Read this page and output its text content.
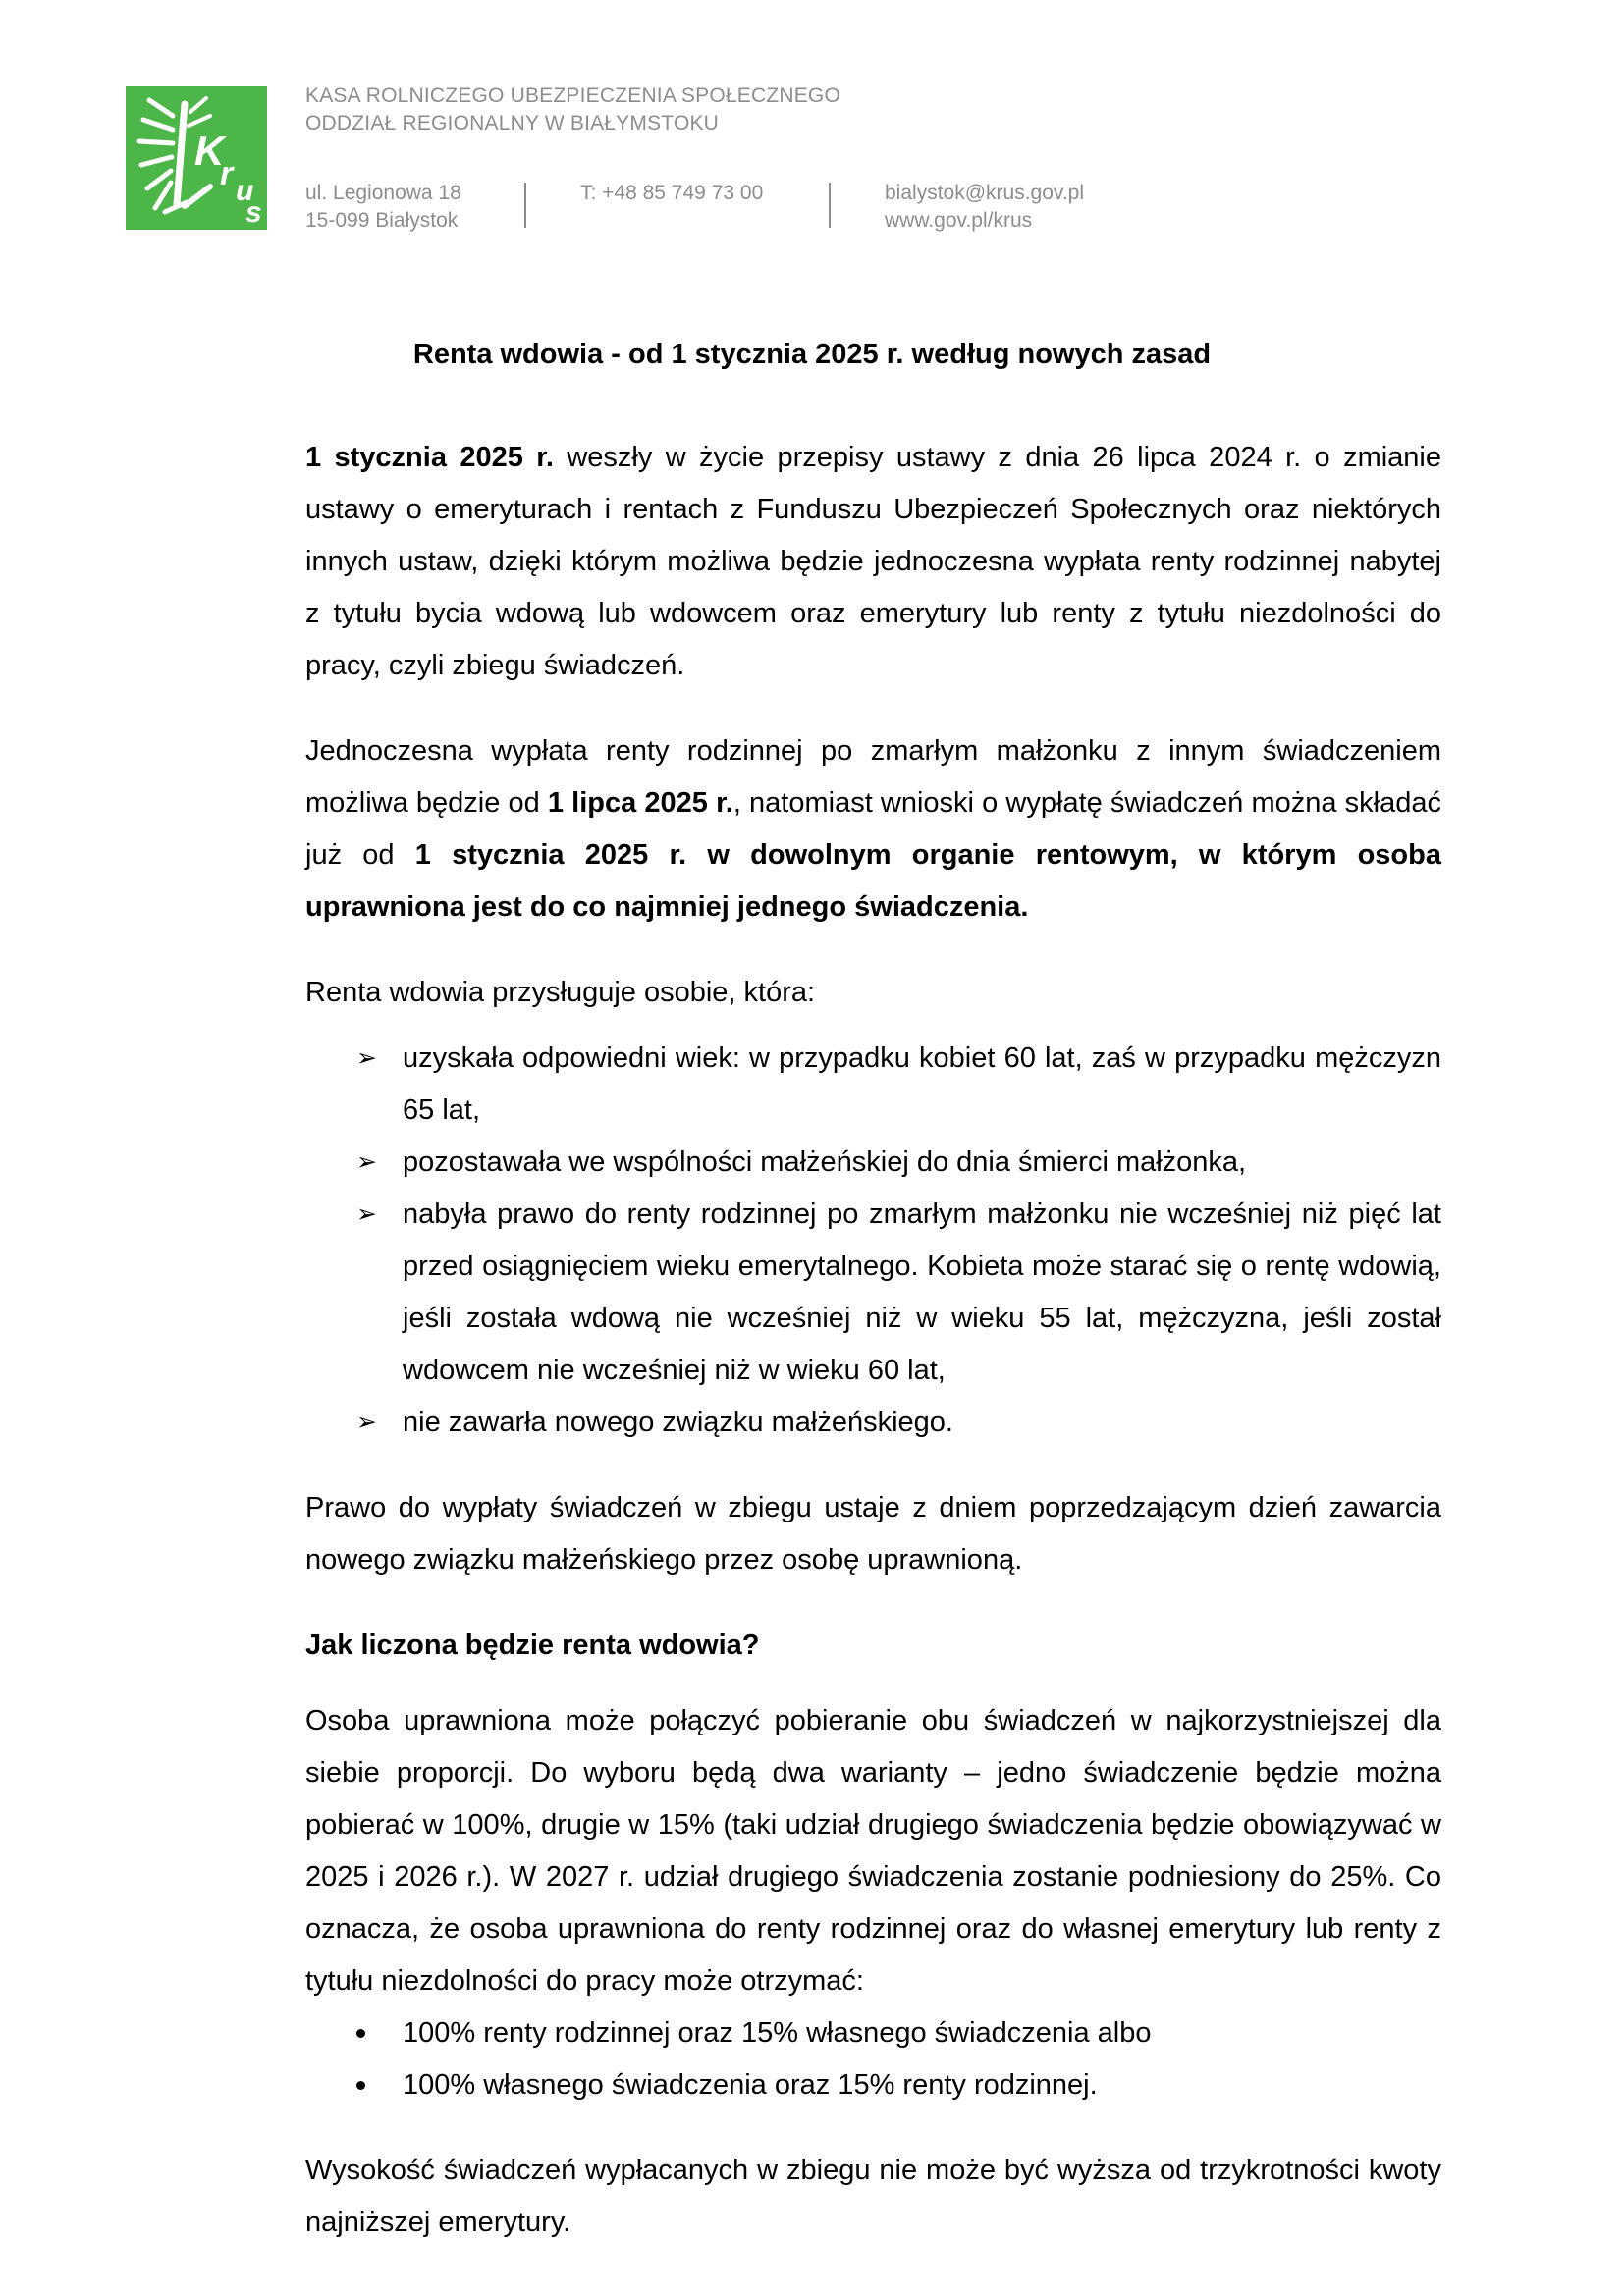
K
r u
s
KASA ROLNICZEGO UBEZPIECZENIA SPOŁECZNEGO
ODDZIAŁ REGIONALNY W BIAŁYMSTOKU
ul. Legionowa 18
15-099 Białystok
T: +48 85 749 73 00	bialystok@krus.gov.pl
www.gov.pl/krus
Renta wdowia - od 1 stycznia 2025 r. według nowych zasad

1 stycznia 2025 r. weszły w życie przepisy ustawy z dnia 26 lipca 2024 r. o zmianie ustawy o emeryturach i rentach z Funduszu Ubezpieczeń Społecznych oraz niektórych innych ustaw, dzięki którym możliwa będzie jednoczesna wypłata renty rodzinnej nabytej z tytułu bycia wdową lub wdowcem oraz emerytury lub renty z tytułu niezdolności do pracy, czyli zbiegu świadczeń.

Jednoczesna wypłata renty rodzinnej po zmarłym małżonku z innym świadczeniem możliwa będzie od 1 lipca 2025 r., natomiast wnioski o wypłatę świadczeń można składać już od 1 stycznia 2025 r. w dowolnym organie rentowym, w którym osoba uprawniona jest do co najmniej jednego świadczenia.

Renta wdowia przysługuje osobie, która:

➢ uzyskała odpowiedni wiek: w przypadku kobiet 60 lat, zaś w przypadku mężczyzn 65 lat,
➢ pozostawała we wspólności małżeńskiej do dnia śmierci małżonka,
➢ nabyła prawo do renty rodzinnej po zmarłym małżonku nie wcześniej niż pięć lat przed osiągnięciem wieku emerytalnego. Kobieta może starać się o rentę wdowią, jeśli została wdową nie wcześniej niż w wieku 55 lat, mężczyzna, jeśli został wdowcem nie wcześniej niż w wieku 60 lat,
➢ nie zawarła nowego związku małżeńskiego.

Prawo do wypłaty świadczeń w zbiegu ustaje z dniem poprzedzającym dzień zawarcia nowego związku małżeńskiego przez osobę uprawnioną.

Jak liczona będzie renta wdowia?

Osoba uprawniona może połączyć pobieranie obu świadczeń w najkorzystniejszej dla siebie proporcji. Do wyboru będą dwa warianty – jedno świadczenie będzie można pobierać w 100%, drugie w 15% (taki udział drugiego świadczenia będzie obowiązywać w 2025 i 2026 r.). W 2027 r. udział drugiego świadczenia zostanie podniesiony do 25%. Co oznacza, że osoba uprawniona do renty rodzinnej oraz do własnej emerytury lub renty z tytułu niezdolności do pracy może otrzymać:

100% renty rodzinnej oraz 15% własnego świadczenia albo
100% własnego świadczenia oraz 15% renty rodzinnej.

Wysokość świadczeń wypłacanych w zbiegu nie może być wyższa od trzykrotności kwoty najniższej emerytury.
